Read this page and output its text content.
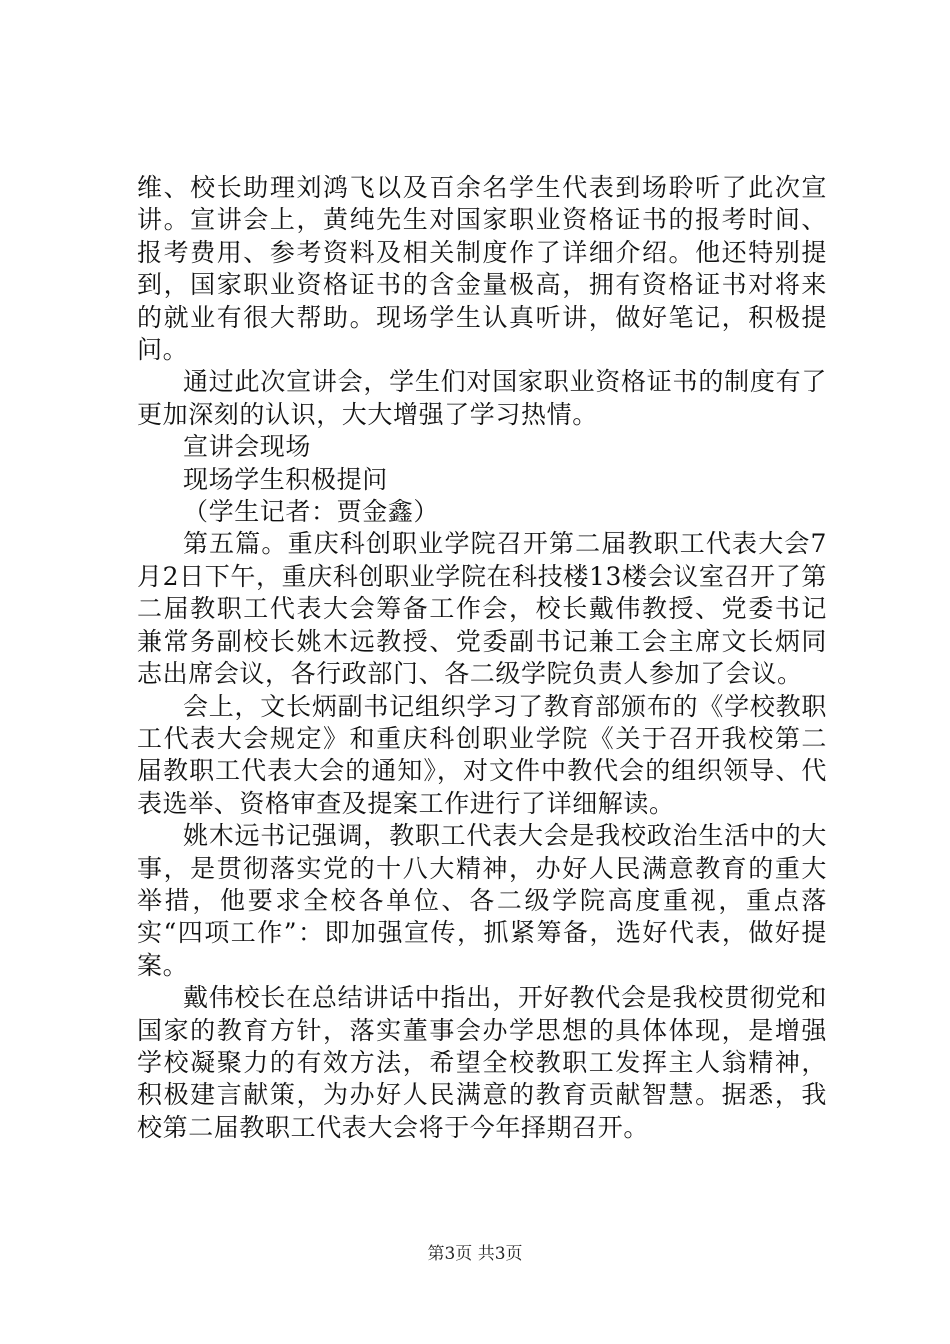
维、校长助理刘鸿飞以及百余名学生代表到场聆听了此次宣讲。宣讲会上，黄纯先生对国家职业资格证书的报考时间、报考费用、参考资料及相关制度作了详细介绍。他还特别提到，国家职业资格证书的含金量极高，拥有资格证书对将来的就业有很大帮助。现场学生认真听讲，做好笔记，积极提问。

通过此次宣讲会，学生们对国家职业资格证书的制度有了更加深刻的认识，大大增强了学习热情。

宣讲会现场

现场学生积极提问

（学生记者：贾金鑫）

第五篇。重庆科创职业学院召开第二届教职工代表大会7月2日下午，重庆科创职业学院在科技楼13楼会议室召开了第二届教职工代表大会筹备工作会，校长戴伟教授、党委书记兼常务副校长姚木远教授、党委副书记兼工会主席文长炳同志出席会议，各行政部门、各二级学院负责人参加了会议。

会上，文长炳副书记组织学习了教育部颁布的《学校教职工代表大会规定》和重庆科创职业学院《关于召开我校第二届教职工代表大会的通知》，对文件中教代会的组织领导、代表选举、资格审查及提案工作进行了详细解读。

姚木远书记强调，教职工代表大会是我校政治生活中的大事，是贯彻落实党的十八大精神，办好人民满意教育的重大举措，他要求全校各单位、各二级学院高度重视，重点落实“四项工作”：即加强宣传，抓紧筹备，选好代表，做好提案。

戴伟校长在总结讲话中指出，开好教代会是我校贯彻党和国家的教育方针，落实董事会办学思想的具体体现，是增强学校凝聚力的有效方法，希望全校教职工发挥主人翁精神，积极建言献策，为办好人民满意的教育贡献智慧。据悉，我校第二届教职工代表大会将于今年择期召开。

第3页 共3页
